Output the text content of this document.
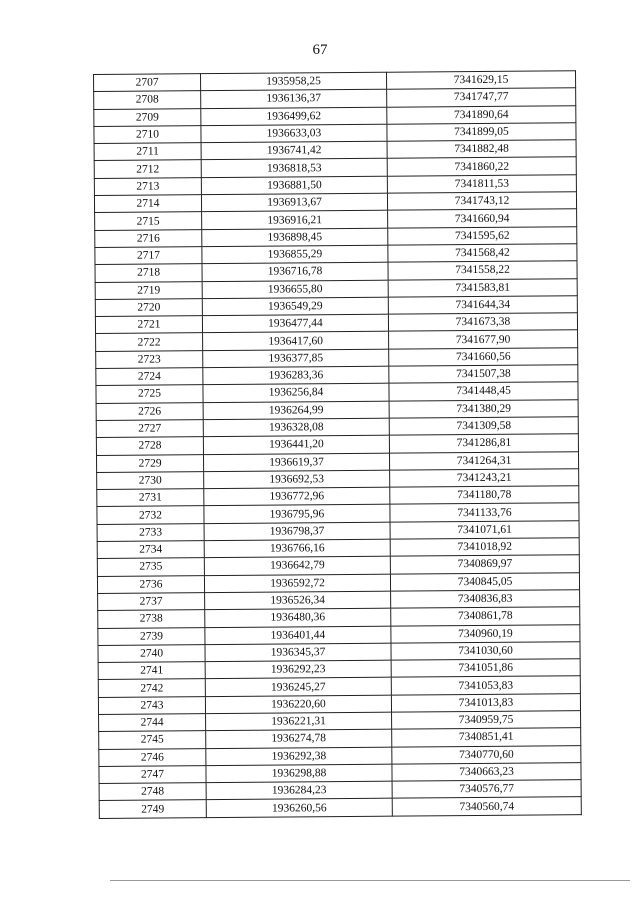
67
2707	1935958,25	7341629,15
2708	1936136,37	7341747,77
2709	1936499,62	7341890,64
2710	1936633,03	7341899,05
2711	1936741,42	7341882,48
2712	1936818,53	7341860,22
2713	1936881,50	7341811,53
2714	1936913,67	7341743,12
2715	1936916,21	7341660,94
2716	1936898,45	7341595,62
2717	1936855,29	7341568,42
2718	1936716,78	7341558,22
2719	1936655,80	7341583,81
2720	1936549,29	7341644,34
2721	1936477,44	7341673,38
2722	1936417,60	7341677,90
2723	1936377,85	7341660,56
2724	1936283,36	7341507,38
2725	1936256,84	7341448,45
2726	1936264,99	7341380,29
2727	1936328,08	7341309,58
2728	1936441,20	7341286,81
2729	1936619,37	7341264,31
2730	1936692,53	7341243,21
2731	1936772,96	7341180,78
2732	1936795,96	7341133,76
2733	1936798,37	7341071,61
2734	1936766,16	7341018,92
2735	1936642,79	7340869,97
2736	1936592,72	7340845,05
2737	1936526,34	7340836,83
2738	1936480,36	7340861,78
2739	1936401,44	7340960,19
2740	1936345,37	7341030,60
2741	1936292,23	7341051,86
2742	1936245,27	7341053,83
2743	1936220,60	7341013,83
2744	1936221,31	7340959,75
2745	1936274,78	7340851,41
2746	1936292,38	7340770,60
2747	1936298,88	7340663,23
2748	1936284,23	7340576,77
2749	1936260,56	7340560,74
